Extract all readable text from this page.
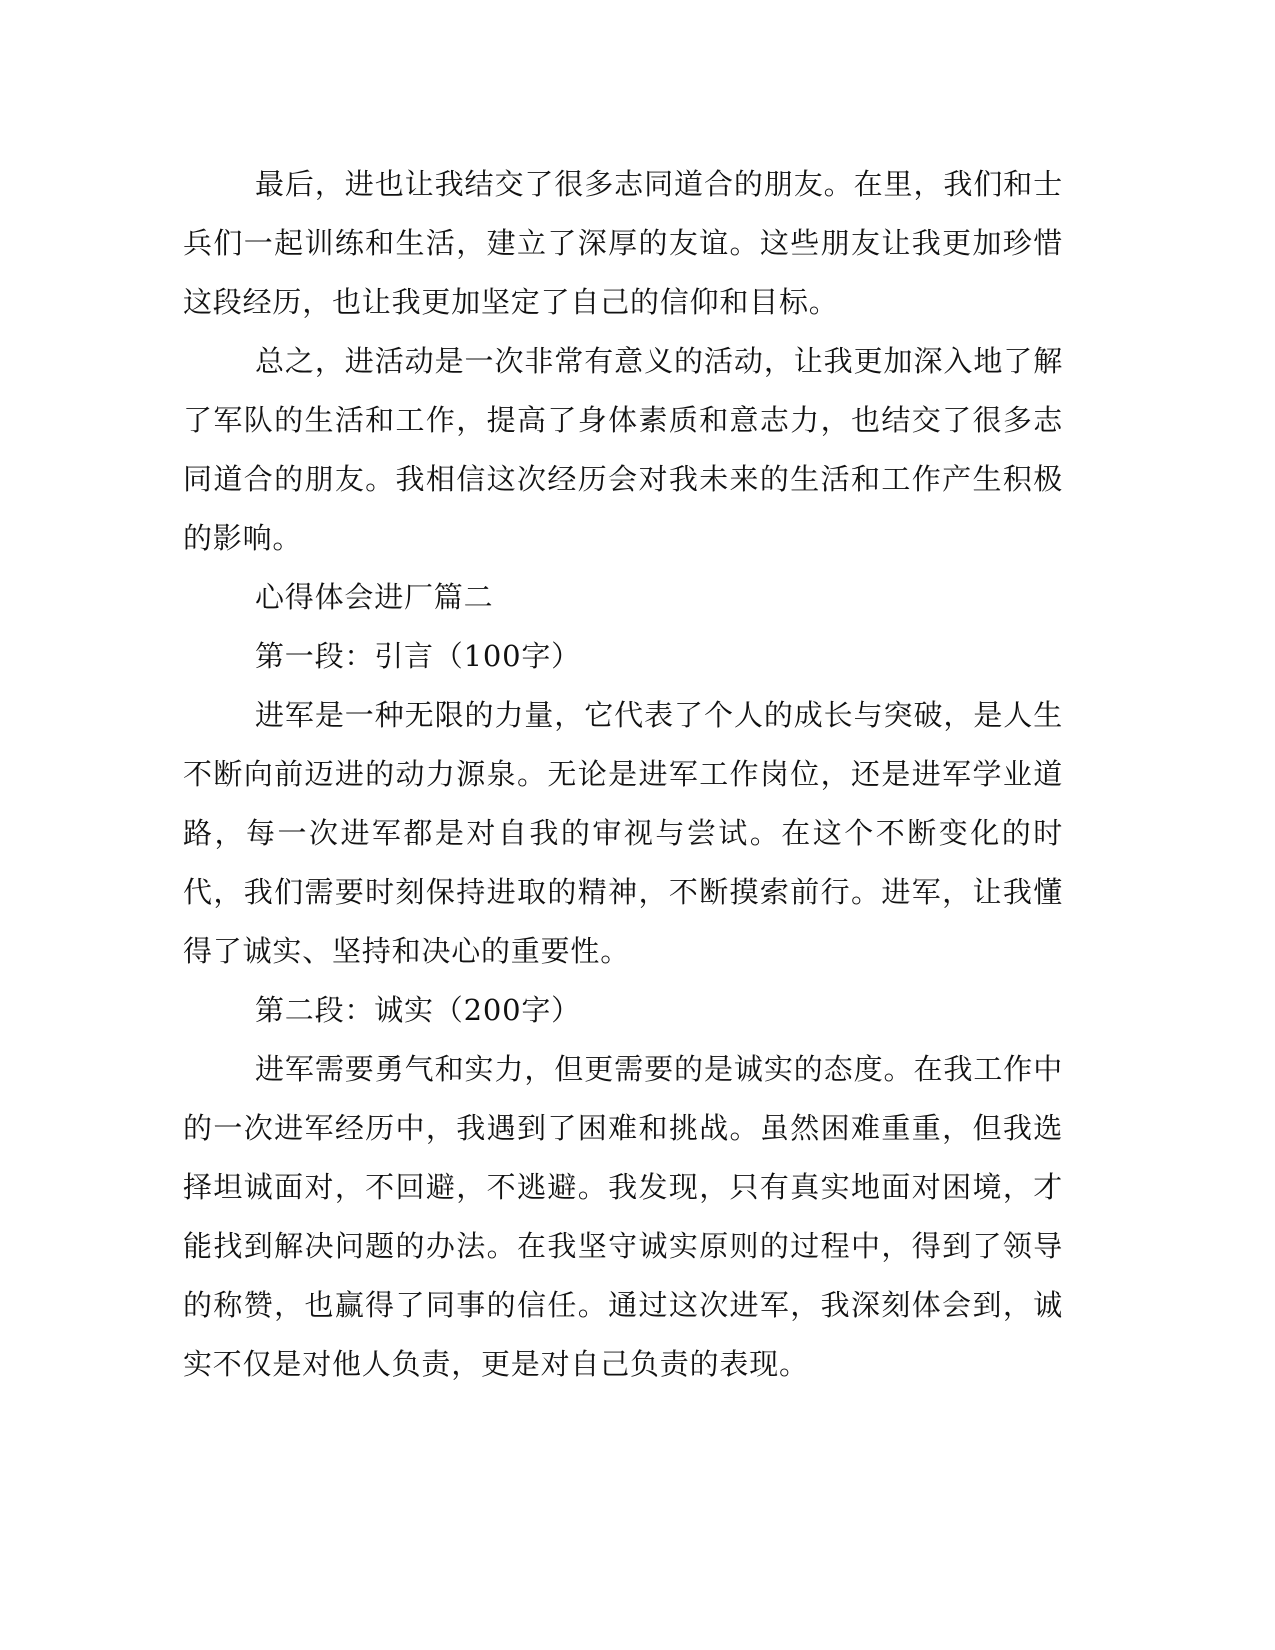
最后，进也让我结交了很多志同道合的朋友。在里，我们和士兵们一起训练和生活，建立了深厚的友谊。这些朋友让我更加珍惜这段经历，也让我更加坚定了自己的信仰和目标。

总之，进活动是一次非常有意义的活动，让我更加深入地了解了军队的生活和工作，提高了身体素质和意志力，也结交了很多志同道合的朋友。我相信这次经历会对我未来的生活和工作产生积极的影响。

心得体会进厂篇二

第一段：引言（100字）

进军是一种无限的力量，它代表了个人的成长与突破，是人生不断向前迈进的动力源泉。无论是进军工作岗位，还是进军学业道路，每一次进军都是对自我的审视与尝试。在这个不断变化的时代，我们需要时刻保持进取的精神，不断摸索前行。进军，让我懂得了诚实、坚持和决心的重要性。

第二段：诚实（200字）

进军需要勇气和实力，但更需要的是诚实的态度。在我工作中的一次进军经历中，我遇到了困难和挑战。虽然困难重重，但我选择坦诚面对，不回避，不逃避。我发现，只有真实地面对困境，才能找到解决问题的办法。在我坚守诚实原则的过程中，得到了领导的称赞，也赢得了同事的信任。通过这次进军，我深刻体会到，诚实不仅是对他人负责，更是对自己负责的表现。
